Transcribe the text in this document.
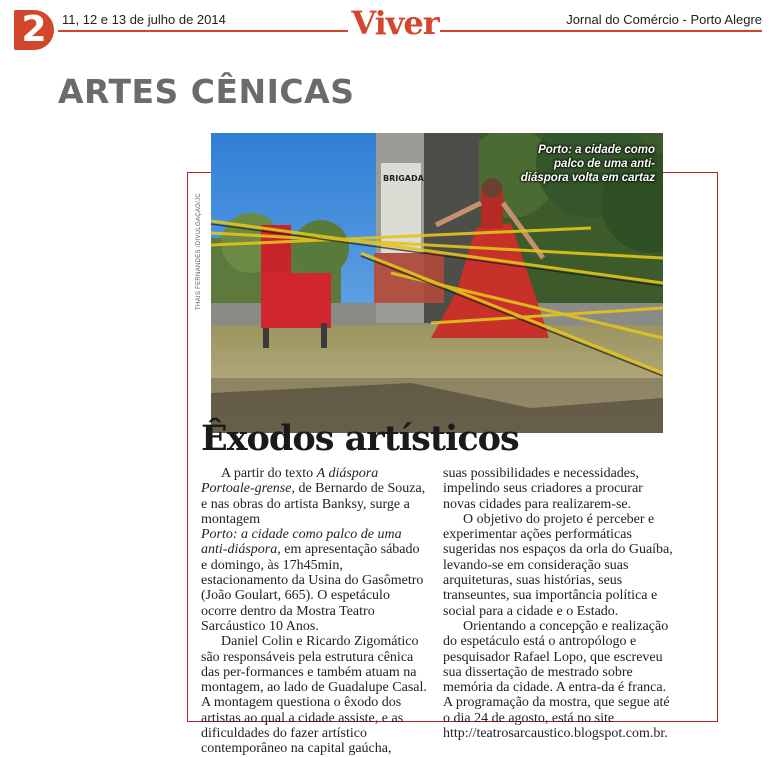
2	11, 12 e 13 de julho de 2014	Viver	Jornal do Comércio - Porto Alegre
ARTES CÊNICAS
THAIS FERNANDES /DIVULGAÇÃO/JC
BRIGADA
Porto: a cidade como palco de uma anti-diáspora volta em cartaz
Êxodos artísticos

A partir do texto A diáspora Portoale-grense, de Bernardo de Souza, e nas obras do artista Banksy, surge a montagem

Porto: a cidade como palco de uma anti-diáspora, em apresentação sábado e domingo, às 17h45min, estacionamento da Usina do Gasômetro (João Goulart, 665). O espetáculo ocorre dentro da Mostra Teatro Sarcáustico 10 Anos.

Daniel Colin e Ricardo Zigomático são responsáveis pela estrutura cênica das per-formances e também atuam na montagem, ao lado de Guadalupe Casal. A montagem questiona o êxodo dos artistas ao qual a cidade assiste, e as dificuldades do fazer artístico contemporâneo na capital gaúcha,

suas possibilidades e necessidades, impelindo seus criadores a procurar novas cidades para realizarem-se.

O objetivo do projeto é perceber e experimentar ações performáticas sugeridas nos espaços da orla do Guaíba, levando-se em consideração suas arquiteturas, suas histórias, seus transeuntes, sua importância política e social para a cidade e o Estado.

Orientando a concepção e realização do espetáculo está o antropólogo e pesquisador Rafael Lopo, que escreveu sua dissertação de mestrado sobre memória da cidade. A entra-da é franca. A programação da mostra, que segue até o dia 24 de agosto, está no site http://teatrosarcaustico.blogspot.com.br.
